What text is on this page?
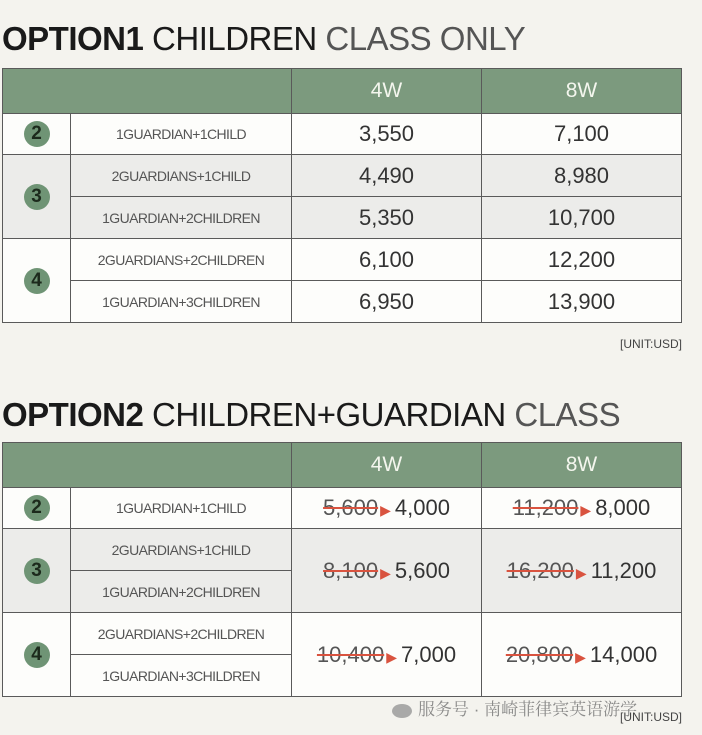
OPTION1 CHILDREN CLASS ONLY
		4W	8W
2	1GUARDIAN+1CHILD	3,550	7,100
3	2GUARDIANS+1CHILD	4,490	8,980
	1GUARDIAN+2CHILDREN	5,350	10,700
4	2GUARDIANS+2CHILDREN	6,100	12,200
	1GUARDIAN+3CHILDREN	6,950	13,900
[UNIT:USD]
OPTION2 CHILDREN+GUARDIAN CLASS
		4W	8W
2	1GUARDIAN+1CHILD	5,600 ▶ 4,000	11,200 ▶ 8,000
3	2GUARDIANS+1CHILD	8,100 ▶ 5,600	16,200 ▶ 11,200
	1GUARDIAN+2CHILDREN		
4	2GUARDIANS+2CHILDREN	10,400 ▶ 7,000	20,800 ▶ 14,000
	1GUARDIAN+3CHILDREN		
[UNIT:USD]
服务号 · 南崎菲律宾英语游学
